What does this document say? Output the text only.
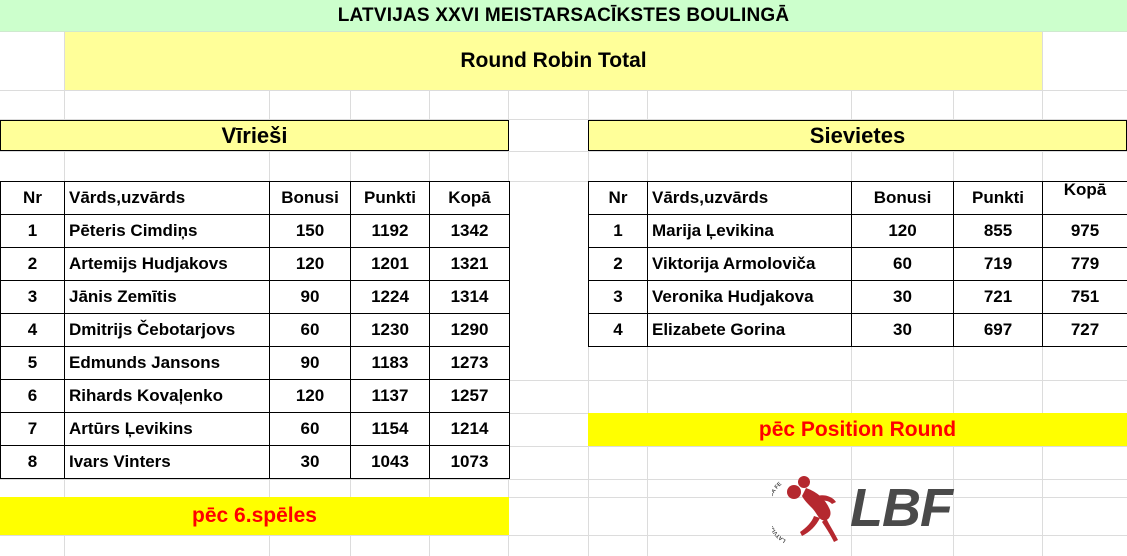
LATVIJAS XXVI MEISTARSACĪKSTES BOULINGĀ
Round Robin Total
Vīrieši
Nr	Vārds,uzvārds	Bonusi	Punkti	Kopā
1	Pēteris Cimdiņs	150	1192	1342
2	Artemijs Hudjakovs	120	1201	1321
3	Jānis Zemītis	90	1224	1314
4	Dmitrijs Čebotarjovs	60	1230	1290
5	Edmunds Jansons	90	1183	1273
6	Rihards Kovaļenko	120	1137	1257
7	Artūrs Ļevikins	60	1154	1214
8	Ivars Vinters	30	1043	1073
pēc 6.spēles
Sievietes
Nr	Vārds,uzvārds	Bonusi	Punkti	Kopā
1	Marija Ļevikina	120	855	975
2	Viktorija Armolovičа	60	719	779
3	Veronika Hudjakova	30	721	751
4	Elizabete Gorina	30	697	727
pēc Position Round
LATVI FE LBF
